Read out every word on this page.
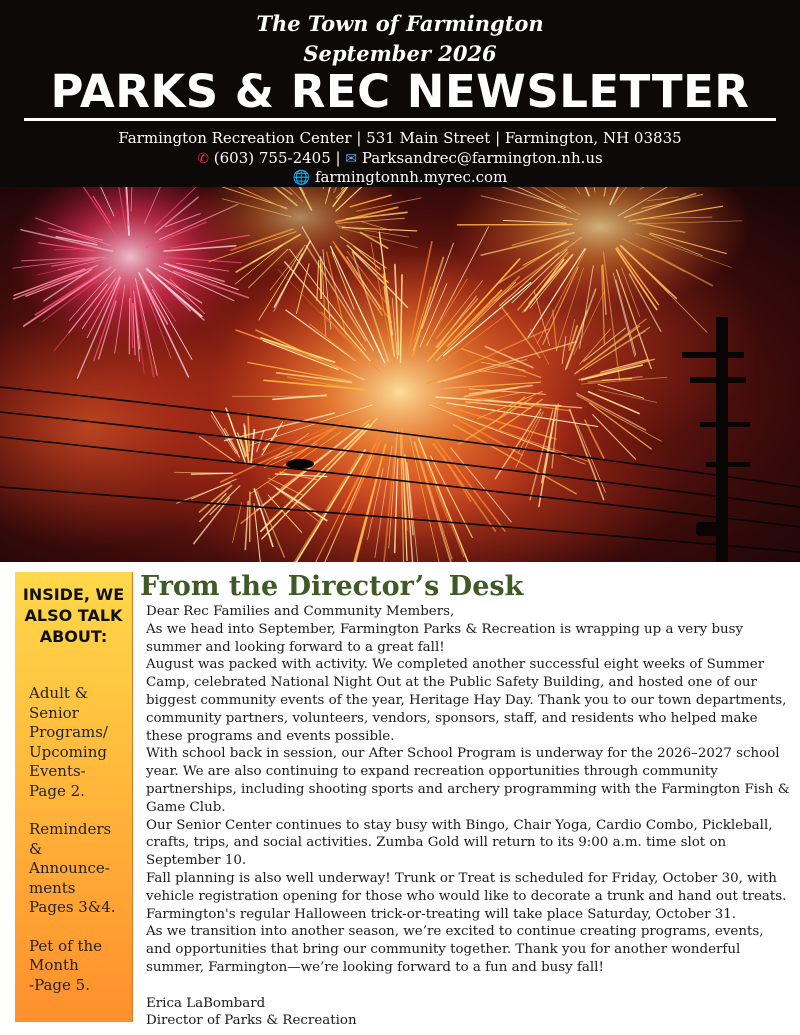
The Town of Farmington
September 2026
PARKS & REC NEWSLETTER
Farmington Recreation Center | 531 Main Street | Farmington, NH 03835
✆ (603) 755-2405 | ✉ Parksandrec@farmington.nh.us
🌐 farmingtonnh.myrec.com
INSIDE, WE
ALSO TALK
ABOUT:
Adult &
Senior
Programs/
Upcoming
Events-
Page 2.
Reminders
&
Announce-
ments
Pages 3&4.
Pet of the
Month
-Page 5.
From the Director’s Desk

Dear Rec Families and Community Members,

As we head into September, Farmington Parks & Recreation is wrapping up a very busy summer and looking forward to a great fall!

August was packed with activity. We completed another successful eight weeks of Summer Camp, celebrated National Night Out at the Public Safety Building, and hosted one of our biggest community events of the year, Heritage Hay Day. Thank you to our town departments, community partners, volunteers, vendors, sponsors, staff, and residents who helped make these programs and events possible.

With school back in session, our After School Program is underway for the 2026–2027 school year. We are also continuing to expand recreation opportunities through community partnerships, including shooting sports and archery programming with the Farmington Fish & Game Club.

Our Senior Center continues to stay busy with Bingo, Chair Yoga, Cardio Combo, Pickleball, crafts, trips, and social activities. Zumba Gold will return to its 9:00 a.m. time slot on September 10.

Fall planning is also well underway! Trunk or Treat is scheduled for Friday, October 30, with vehicle registration opening for those who would like to decorate a trunk and hand out treats. Farmington's regular Halloween trick-or-treating will take place Saturday, October 31.

As we transition into another season, we’re excited to continue creating programs, events, and opportunities that bring our community together. Thank you for another wonderful summer, Farmington—we’re looking forward to a fun and busy fall!

Erica LaBombard

Director of Parks & Recreation
